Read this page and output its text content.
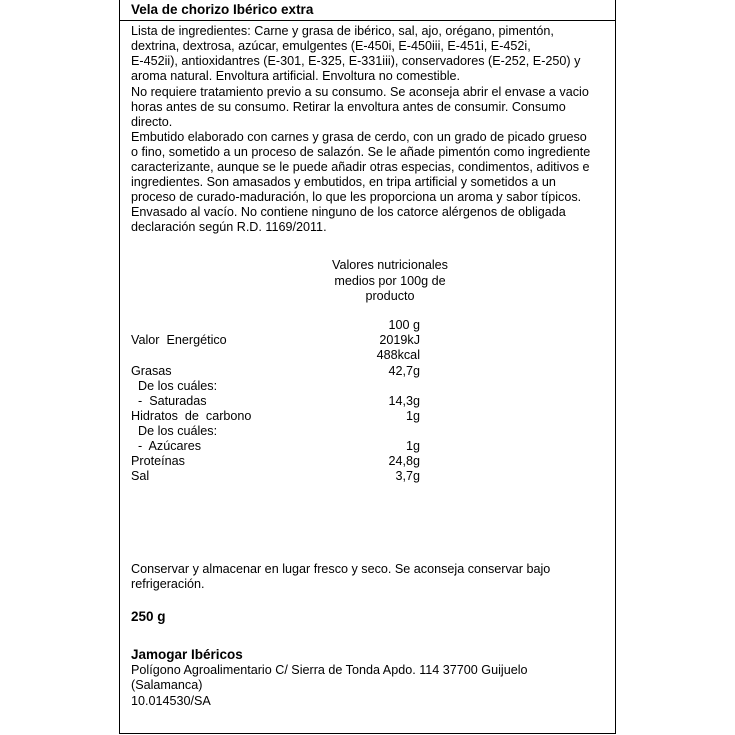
Vela de chorizo Ibérico extra
Lista de ingredientes: Carne y grasa de ibérico, sal, ajo, orégano, pimentón,
dextrina, dextrosa, azúcar, emulgentes (E-450i, E-450iii, E-451i, E-452i,
E-452ii), antioxidantres (E-301, E-325, E-331iii), conservadores (E-252, E-250) y
aroma natural. Envoltura artificial. Envoltura no comestible.
No requiere tratamiento previo a su consumo. Se aconseja abrir el envase a vacio
horas antes de su consumo. Retirar la envoltura antes de consumir. Consumo
directo.
Embutido elaborado con carnes y grasa de cerdo, con un grado de picado grueso
o fino, sometido a un proceso de salazón. Se le añade pimentón como ingrediente
caracterizante, aunque se le puede añadir otras especias, condimentos, aditivos e
ingredientes. Son amasados y embutidos, en tripa artificial y sometidos a un
proceso de curado-maduración, lo que les proporciona un aroma y sabor típicos.
Envasado al vacío. No contiene ninguno de los catorce alérgenos de obligada
declaración según R.D. 1169/2011.
Valores nutricionales medios por 100g de producto
100 g
Valor  Energético	2019kJ
488kcal
Grasas	42,7g
De los cuáles:
-  Saturadas	14,3g
Hidratos  de  carbono	1g
De los cuáles:
-  Azúcares	1g
Proteínas	24,8g
Sal	3,7g
Conservar y almacenar en lugar fresco y seco. Se aconseja conservar bajo
refrigeración.
250 g
Jamogar Ibéricos
Polígono Agroalimentario C/ Sierra de Tonda Apdo. 114 37700 Guijuelo
(Salamanca)
10.014530/SA
